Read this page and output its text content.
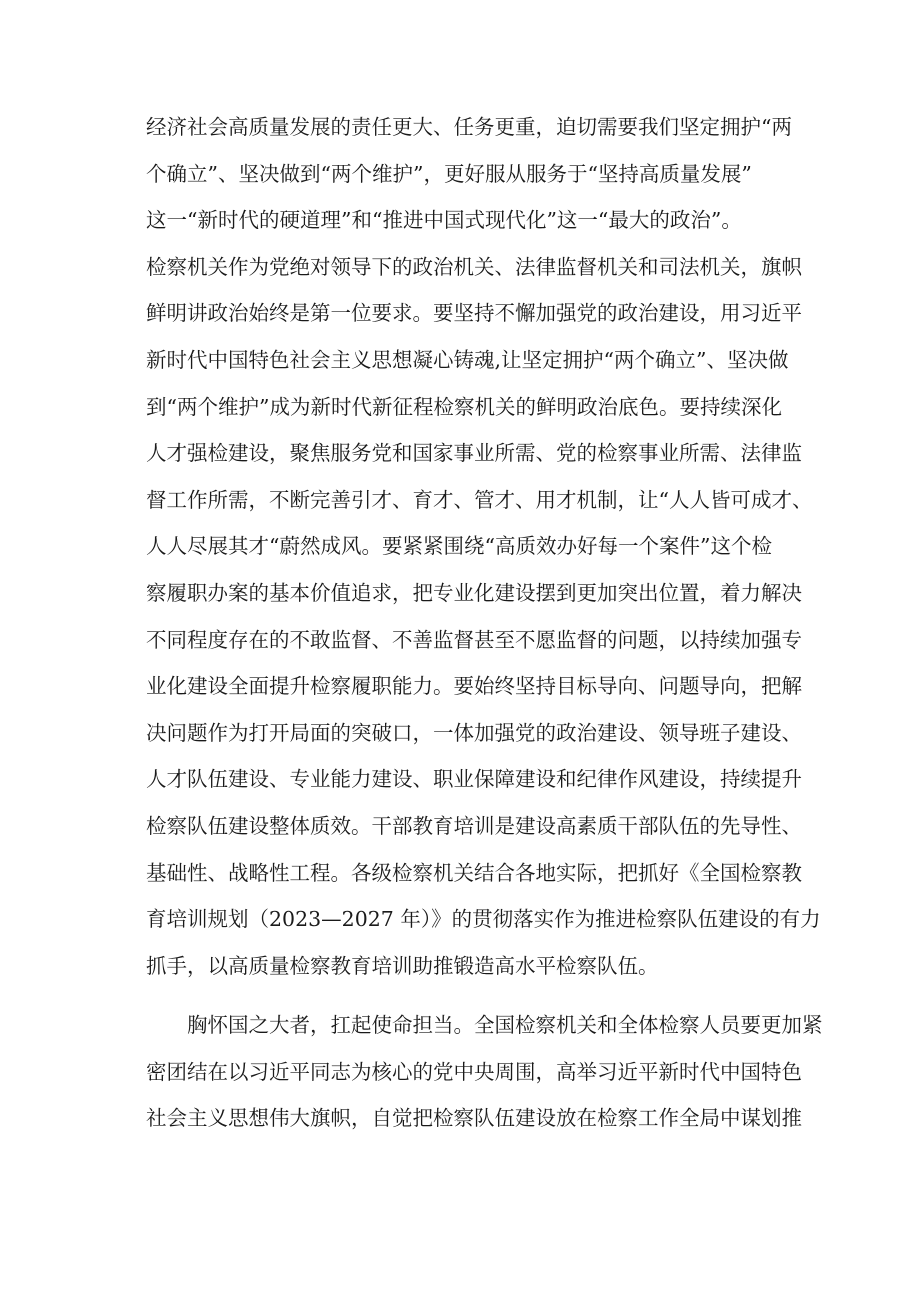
经济社会高质量发展的责任更大、任务更重，迫切需要我们坚定拥护“两
个确立”、坚决做到“两个维护”，更好服从服务于“坚持高质量发展”
这一“新时代的硬道理”和“推进中国式现代化”这一“最大的政治”。
检察机关作为党绝对领导下的政治机关、法律监督机关和司法机关，旗帜
鲜明讲政治始终是第一位要求。要坚持不懈加强党的政治建设，用习近平
新时代中国特色社会主义思想凝心铸魂,让坚定拥护“两个确立”、坚决做
到“两个维护”成为新时代新征程检察机关的鲜明政治底色。要持续深化
人才强检建设，聚焦服务党和国家事业所需、党的检察事业所需、法律监
督工作所需，不断完善引才、育才、管才、用才机制，让“人人皆可成才、
人人尽展其才“蔚然成风。要紧紧围绕“高质效办好每一个案件”这个检
察履职办案的基本价值追求，把专业化建设摆到更加突出位置，着力解决
不同程度存在的不敢监督、不善监督甚至不愿监督的问题，以持续加强专
业化建设全面提升检察履职能力。要始终坚持目标导向、问题导向，把解
决问题作为打开局面的突破口，一体加强党的政治建设、领导班子建设、
人才队伍建设、专业能力建设、职业保障建设和纪律作风建设，持续提升
检察队伍建设整体质效。干部教育培训是建设高素质干部队伍的先导性、
基础性、战略性工程。各级检察机关结合各地实际，把抓好《全国检察教
育培训规划（2023—2027 年）》的贯彻落实作为推进检察队伍建设的有力
抓手，以高质量检察教育培训助推锻造高水平检察队伍。
　　胸怀国之大者，扛起使命担当。全国检察机关和全体检察人员要更加紧
密团结在以习近平同志为核心的党中央周围，高举习近平新时代中国特色
社会主义思想伟大旗帜，自觉把检察队伍建设放在检察工作全局中谋划推
